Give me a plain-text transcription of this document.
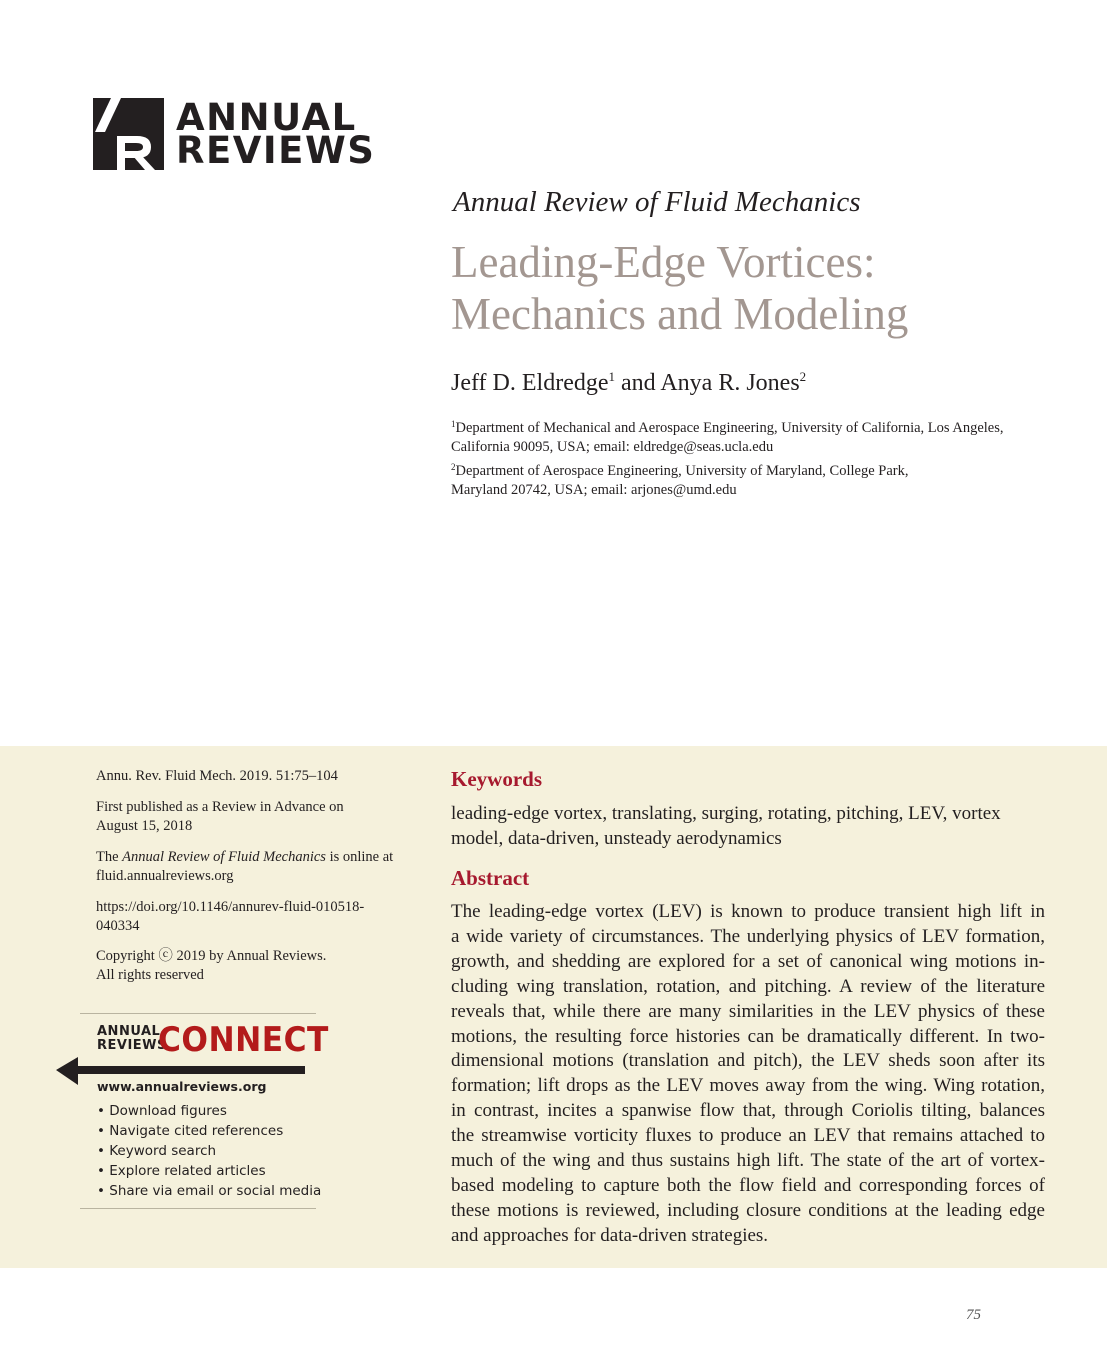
ANNUAL
REVIEWS
Annual Review of Fluid Mechanics
Leading-Edge Vortices:
Mechanics and Modeling
Jeff D. Eldredge$^1$ and Anya R. Jones$^2$
$^1$Department of Mechanical and Aerospace Engineering, University of California, Los Angeles,
California 90095, USA; email: eldredge@seas.ucla.edu
$^2$Department of Aerospace Engineering, University of Maryland, College Park,
Maryland 20742, USA; email: arjones@umd.edu
Annu. Rev. Fluid Mech. 2019. 51:75–104
First published as a Review in Advance on
August 15, 2018
The Annual Review of Fluid Mechanics is online at
fluid.annualreviews.org
https://doi.org/10.1146/annurev-fluid-010518-
040334
Copyright ⓒ 2019 by Annual Reviews.
All rights reserved
ANNUAL
REVIEWS
CONNECT
www.annualreviews.org
• Download figures
• Navigate cited references
• Keyword search
• Explore related articles
• Share via email or social media
Keywords
leading-edge vortex, translating, surging, rotating, pitching, LEV, vortex
model, data-driven, unsteady aerodynamics
Abstract
The leading-edge vortex (LEV) is known to produce transient high lift in
a wide variety of circumstances. The underlying physics of LEV formation,
growth, and shedding are explored for a set of canonical wing motions in-
cluding wing translation, rotation, and pitching. A review of the literature
reveals that, while there are many similarities in the LEV physics of these
motions, the resulting force histories can be dramatically different. In two-
dimensional motions (translation and pitch), the LEV sheds soon after its
formation; lift drops as the LEV moves away from the wing. Wing rotation,
in contrast, incites a spanwise flow that, through Coriolis tilting, balances
the streamwise vorticity fluxes to produce an LEV that remains attached to
much of the wing and thus sustains high lift. The state of the art of vortex-
based modeling to capture both the flow field and corresponding forces of
these motions is reviewed, including closure conditions at the leading edge
and approaches for data-driven strategies.
75
